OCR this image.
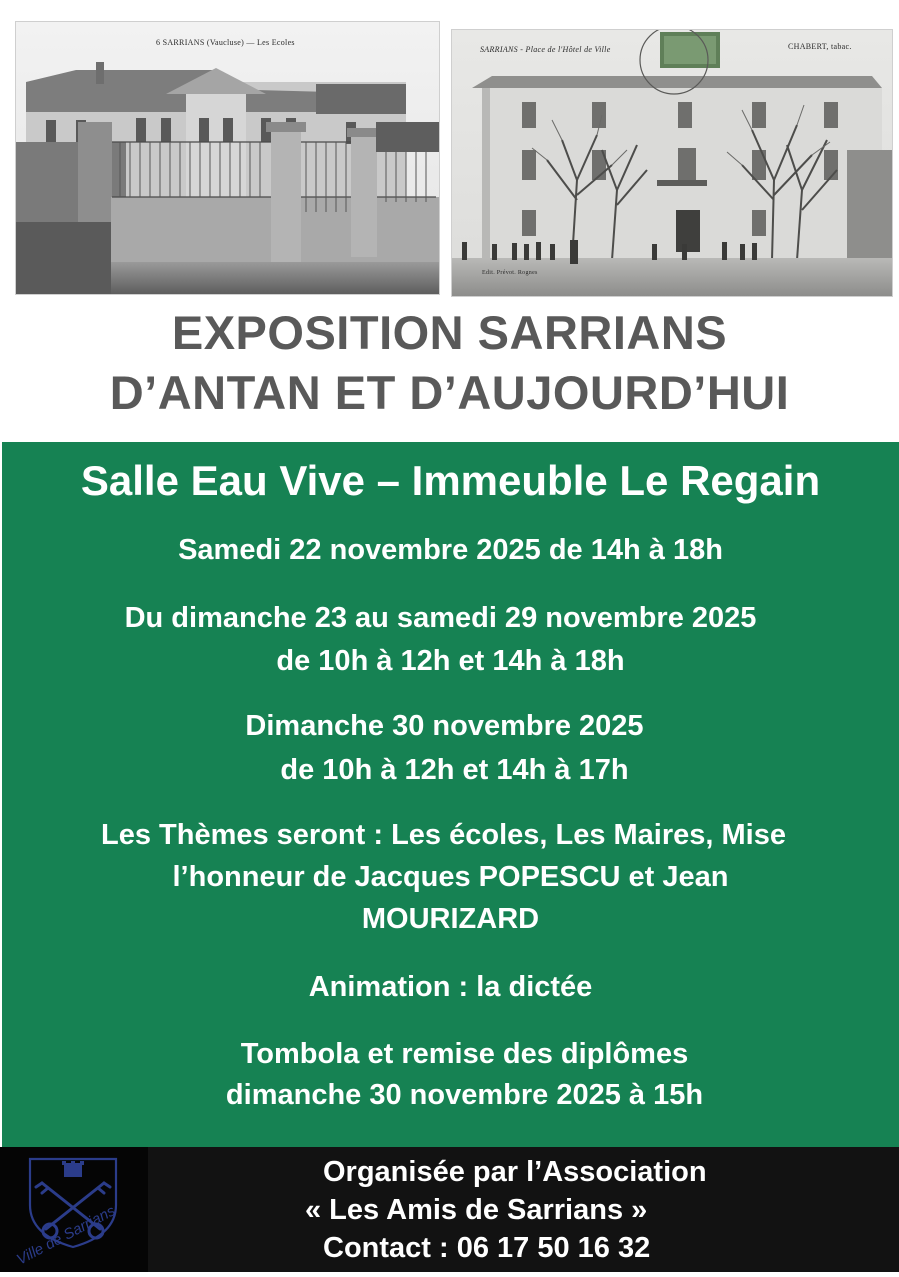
6 SARRIANS (Vaucluse) — Les Ecoles
SARRIANS - Place de l'Hôtel de Ville	CHABERT, tabac.
Edit. Prévot. Rognes
EXPOSITION SARRIANS
D’ANTAN ET D’AUJOURD’HUI
Salle Eau Vive – Immeuble Le Regain
Samedi 22 novembre 2025 de 14h à 18h
Du dimanche 23 au samedi 29 novembre 2025
de 10h à 12h et 14h à 18h
Dimanche 30 novembre 2025
de 10h à 12h et 14h à 17h
Les Thèmes seront : Les écoles, Les Maires, Mise
l’honneur de Jacques POPESCU et Jean
MOURIZARD
Animation : la dictée
Tombola et remise des diplômes
dimanche 30 novembre 2025 à 15h
Ville de Sarrians
Organisée par l’Association
« Les Amis de Sarrians »
Contact : 06 17 50 16 32
